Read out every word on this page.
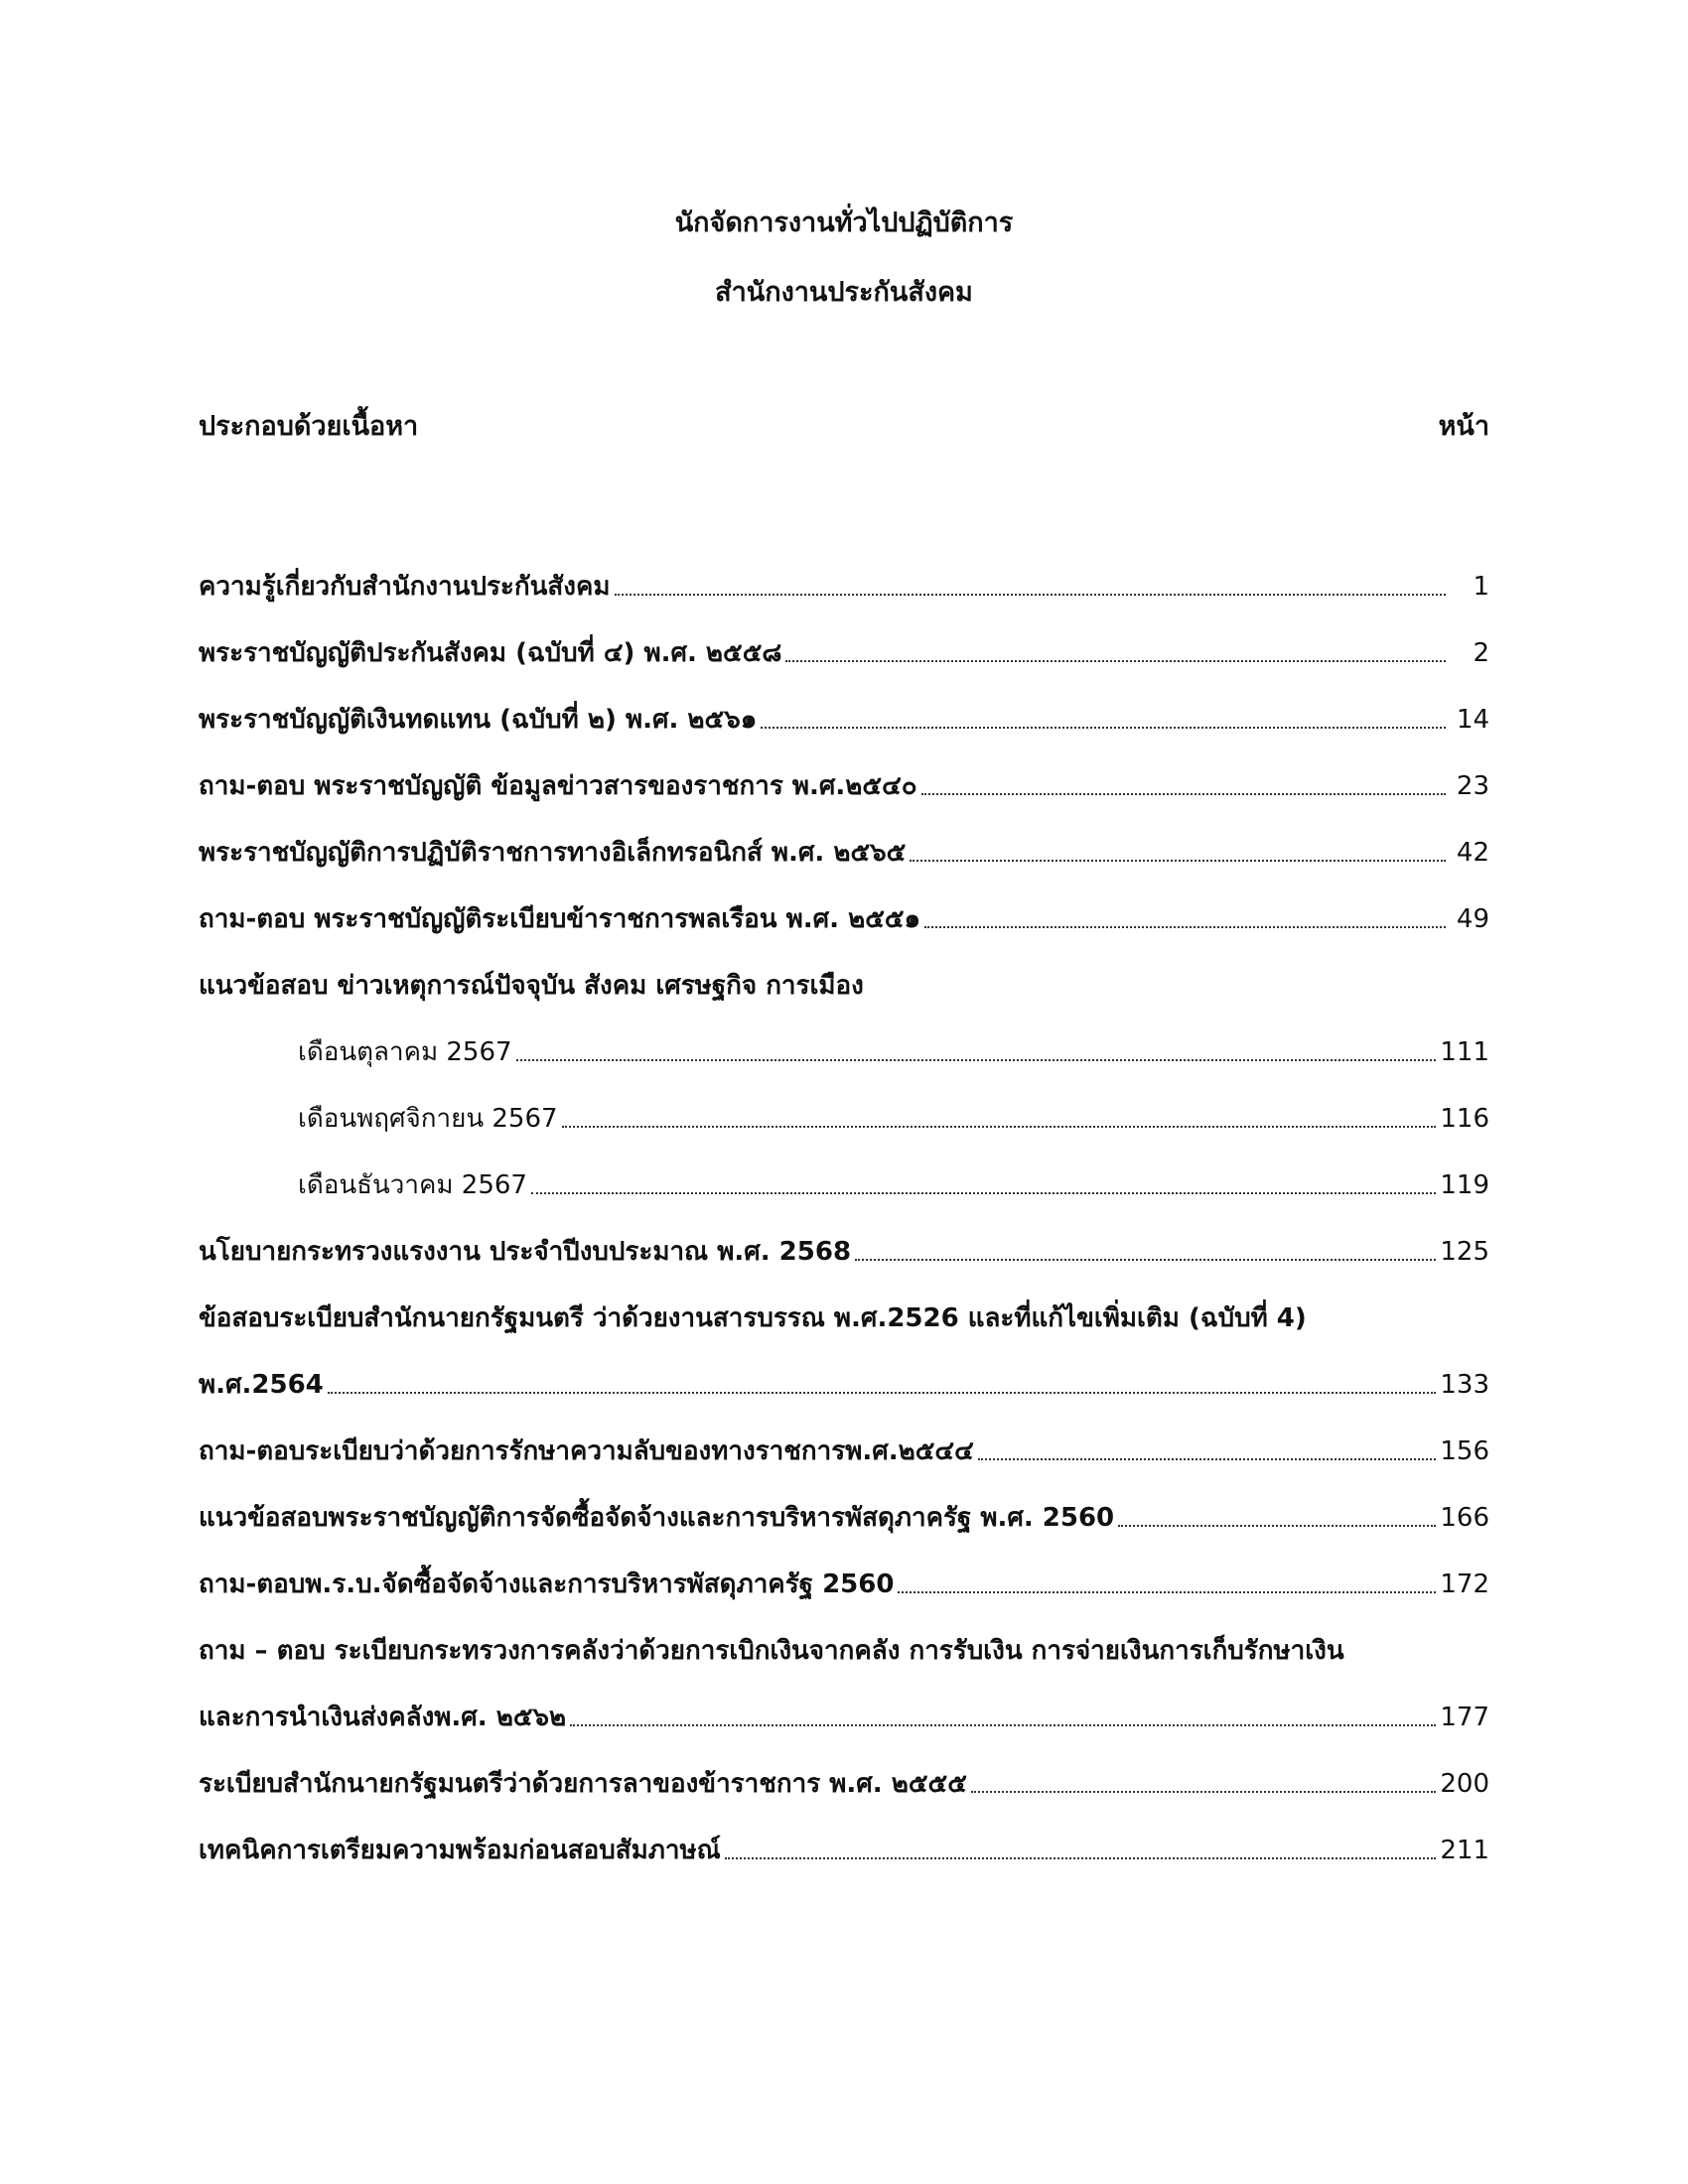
นักจัดการงานทั่วไปปฏิบัติการ
สำนักงานประกันสังคม
ประกอบด้วยเนื้อหา	หน้า
ความรู้เกี่ยวกับสำนักงานประกันสังคม	1
พระราชบัญญัติประกันสังคม (ฉบับที่ ๔) พ.ศ. ๒๕๕๘	2
พระราชบัญญัติเงินทดแทน (ฉบับที่ ๒) พ.ศ. ๒๕๖๑	14
ถาม-ตอบ พระราชบัญญัติ ข้อมูลข่าวสารของราชการ พ.ศ.๒๕๔๐	23
พระราชบัญญัติการปฏิบัติราชการทางอิเล็กทรอนิกส์ พ.ศ. ๒๕๖๕	42
ถาม-ตอบ พระราชบัญญัติระเบียบข้าราชการพลเรือน พ.ศ. ๒๕๕๑	49
แนวข้อสอบ ข่าวเหตุการณ์ปัจจุบัน สังคม เศรษฐกิจ การเมือง
เดือนตุลาคม 2567	111
เดือนพฤศจิกายน 2567	116
เดือนธันวาคม 2567	119
นโยบายกระทรวงแรงงาน ประจำปีงบประมาณ พ.ศ. 2568	125
ข้อสอบระเบียบสำนักนายกรัฐมนตรี ว่าด้วยงานสารบรรณ พ.ศ.2526 และที่แก้ไขเพิ่มเติม (ฉบับที่ 4)
พ.ศ.2564	133
ถาม-ตอบระเบียบว่าด้วยการรักษาความลับของทางราชการพ.ศ.๒๕๔๔	156
แนวข้อสอบพระราชบัญญัติการจัดซื้อจัดจ้างและการบริหารพัสดุภาครัฐ พ.ศ. 2560	166
ถาม-ตอบพ.ร.บ.จัดซื้อจัดจ้างและการบริหารพัสดุภาครัฐ 2560	172
ถาม – ตอบ ระเบียบกระทรวงการคลังว่าด้วยการเบิกเงินจากคลัง การรับเงิน การจ่ายเงินการเก็บรักษาเงิน
และการนำเงินส่งคลังพ.ศ. ๒๕๖๒	177
ระเบียบสำนักนายกรัฐมนตรีว่าด้วยการลาของข้าราชการ พ.ศ. ๒๕๕๕	200
เทคนิคการเตรียมความพร้อมก่อนสอบสัมภาษณ์	211
